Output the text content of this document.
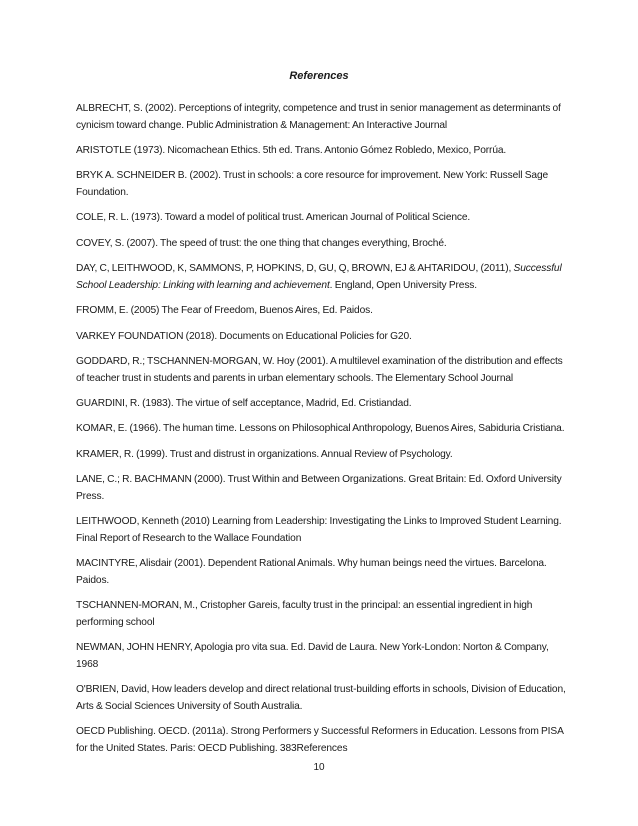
References
ALBRECHT, S. (2002). Perceptions of integrity, competence and trust in senior management as determinants of cynicism toward change. Public Administration & Management: An Interactive Journal
ARISTOTLE (1973). Nicomachean Ethics. 5th ed. Trans. Antonio Gómez Robledo, Mexico, Porrúa.
BRYK A. SCHNEIDER B. (2002). Trust in schools: a core resource for improvement. New York: Russell Sage Foundation.
COLE, R. L. (1973). Toward a model of political trust. American Journal of Political Science.
COVEY, S. (2007). The speed of trust: the one thing that changes everything, Broché.
DAY, C, LEITHWOOD, K, SAMMONS, P, HOPKINS, D, GU, Q, BROWN, EJ & AHTARIDOU, (2011), Successful School Leadership: Linking with learning and achievement. England, Open University Press.
FROMM, E. (2005) The Fear of Freedom, Buenos Aires, Ed. Paidos.
VARKEY FOUNDATION (2018). Documents on Educational Policies for G20.
GODDARD, R.; TSCHANNEN-MORGAN, W. Hoy (2001). A multilevel examination of the distribution and effects of teacher trust in students and parents in urban elementary schools. The Elementary School Journal
GUARDINI, R. (1983). The virtue of self acceptance, Madrid, Ed. Cristiandad.
KOMAR, E. (1966). The human time. Lessons on Philosophical Anthropology, Buenos Aires, Sabiduria Cristiana.
KRAMER, R. (1999). Trust and distrust in organizations. Annual Review of Psychology.
LANE, C.; R. BACHMANN (2000). Trust Within and Between Organizations. Great Britain: Ed. Oxford University Press.
LEITHWOOD, Kenneth (2010) Learning from Leadership: Investigating the Links to Improved Student Learning. Final Report of Research to the Wallace Foundation
MACINTYRE, Alisdair (2001). Dependent Rational Animals. Why human beings need the virtues. Barcelona. Paidos.
TSCHANNEN-MORAN, M., Cristopher Gareis, faculty trust in the principal: an essential ingredient in high performing school
NEWMAN, JOHN HENRY, Apologia pro vita sua. Ed. David de Laura. New York-London: Norton & Company, 1968
O'BRIEN, David, How leaders develop and direct relational trust-building efforts in schools, Division of Education, Arts & Social Sciences University of South Australia.
OECD Publishing. OECD. (2011a). Strong Performers y Successful Reformers in Education. Lessons from PISA for the United States. Paris: OECD Publishing. 383References

10
